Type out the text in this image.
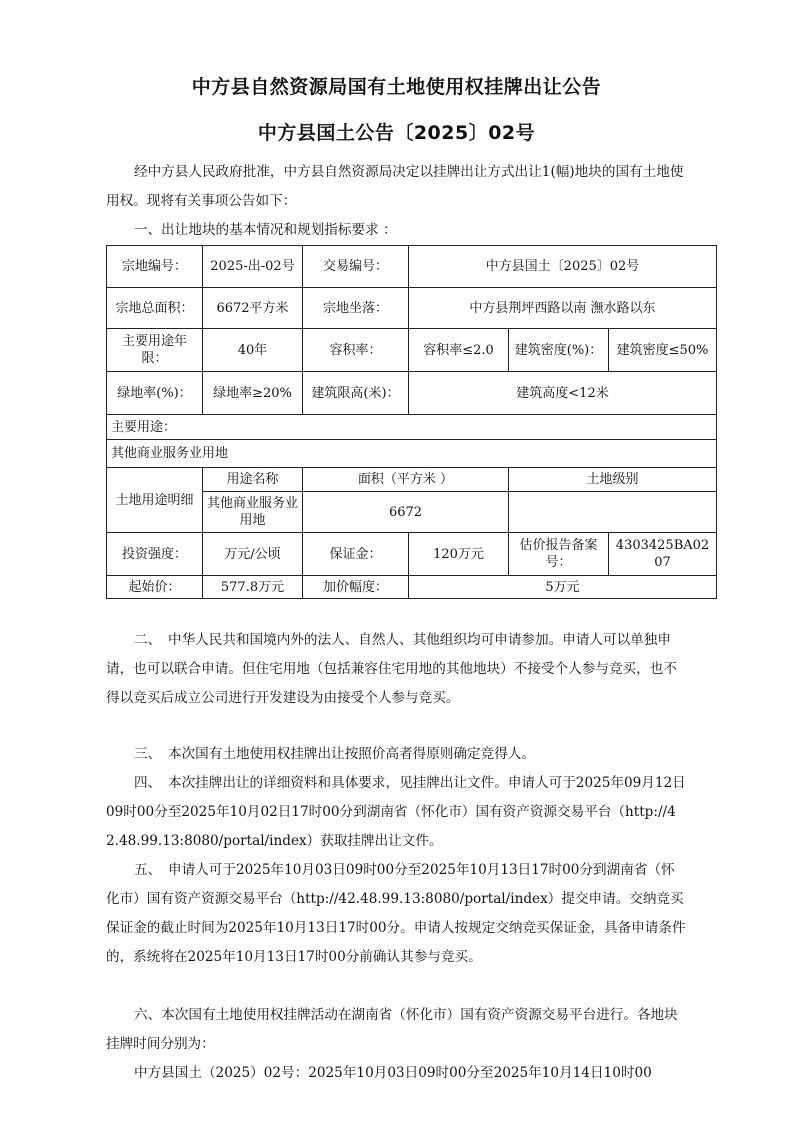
中方县自然资源局国有土地使用权挂牌出让公告
中方县国土公告〔2025〕02号

经中方县人民政府批准，中方县自然资源局决定以挂牌出让方式出让1(幅)地块的国有土地使用权。现将有关事项公告如下：

一、出让地块的基本情况和规划指标要求 ：

宗地编号：	2025-出-02号	交易编号：	中方县国土〔2025〕02号		
宗地总面积：	6672平方米	宗地坐落：	中方县荆坪西路以南 潕水路以东		
主要用途年限：	40年	容积率：	容积率≤2.0	建筑密度(%)：	建筑密度≤50%
绿地率(%)：	绿地率≥20%	建筑限高(米)：	建筑高度<12米		
主要用途：					
其他商业服务业用地					
土地用途明细	用途名称	面积（平方米 ）		土地级别	
	其他商业服务业用地	6672			
投资强度：	万元/公顷	保证金：	120万元	估价报告备案号：	4303425BA0207
起始价：	577.8万元	加价幅度：	5万元		

二、　中华人民共和国境内外的法人、自然人、其他组织均可申请参加。申请人可以单独申请，也可以联合申请。但住宅用地（包括兼容住宅用地的其他地块）不接受个人参与竞买，也不得以竞买后成立公司进行开发建设为由接受个人参与竞买。

三、　本次国有土地使用权挂牌出让按照价高者得原则确定竞得人。

四、　本次挂牌出让的详细资料和具体要求，见挂牌出让文件。申请人可于2025年09月12日09时00分至2025年10月02日17时00分到湖南省（怀化市）国有资产资源交易平台（http://42.48.99.13:8080/portal/index）获取挂牌出让文件。

五、　申请人可于2025年10月03日09时00分至2025年10月13日17时00分到湖南省（怀化市）国有资产资源交易平台（http://42.48.99.13:8080/portal/index）提交申请。交纳竞买保证金的截止时间为2025年10月13日17时00分。申请人按规定交纳竞买保证金，具备申请条件的，系统将在2025年10月13日17时00分前确认其参与竞买。

六、本次国有土地使用权挂牌活动在湖南省（怀化市）国有资产资源交易平台进行。各地块挂牌时间分别为：

中方县国土（2025）02号：2025年10月03日09时00分至2025年10月14日10时00
